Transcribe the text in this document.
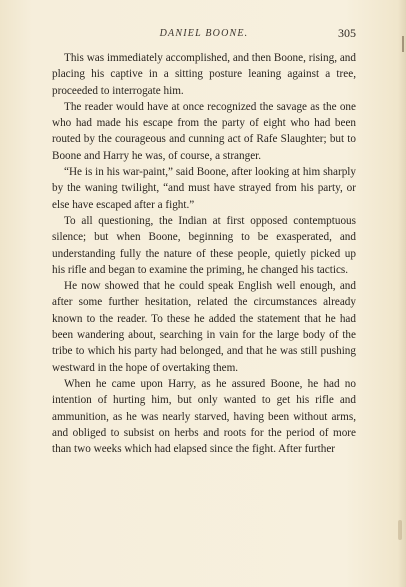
DANIEL BOONE.	305

This was immediately accomplished, and then Boone, rising, and placing his captive in a sitting posture leaning against a tree, proceeded to interrogate him.

The reader would have at once recognized the savage as the one who had made his escape from the party of eight who had been routed by the courageous and cunning act of Rafe Slaughter; but to Boone and Harry he was, of course, a stranger.

“He is in his war-paint,” said Boone, after looking at him sharply by the waning twilight, “and must have strayed from his party, or else have escaped after a fight.”

To all questioning, the Indian at first opposed contemptuous silence; but when Boone, beginning to be exasperated, and understanding fully the nature of these people, quietly picked up his rifle and began to examine the priming, he changed his tactics.

He now showed that he could speak English well enough, and after some further hesitation, related the circumstances already known to the reader. To these he added the statement that he had been wandering about, searching in vain for the large body of the tribe to which his party had belonged, and that he was still pushing westward in the hope of overtaking them.

When he came upon Harry, as he assured Boone, he had no intention of hurting him, but only wanted to get his rifle and ammunition, as he was nearly starved, having been without arms, and obliged to subsist on herbs and roots for the period of more than two weeks which had elapsed since the fight. After further
